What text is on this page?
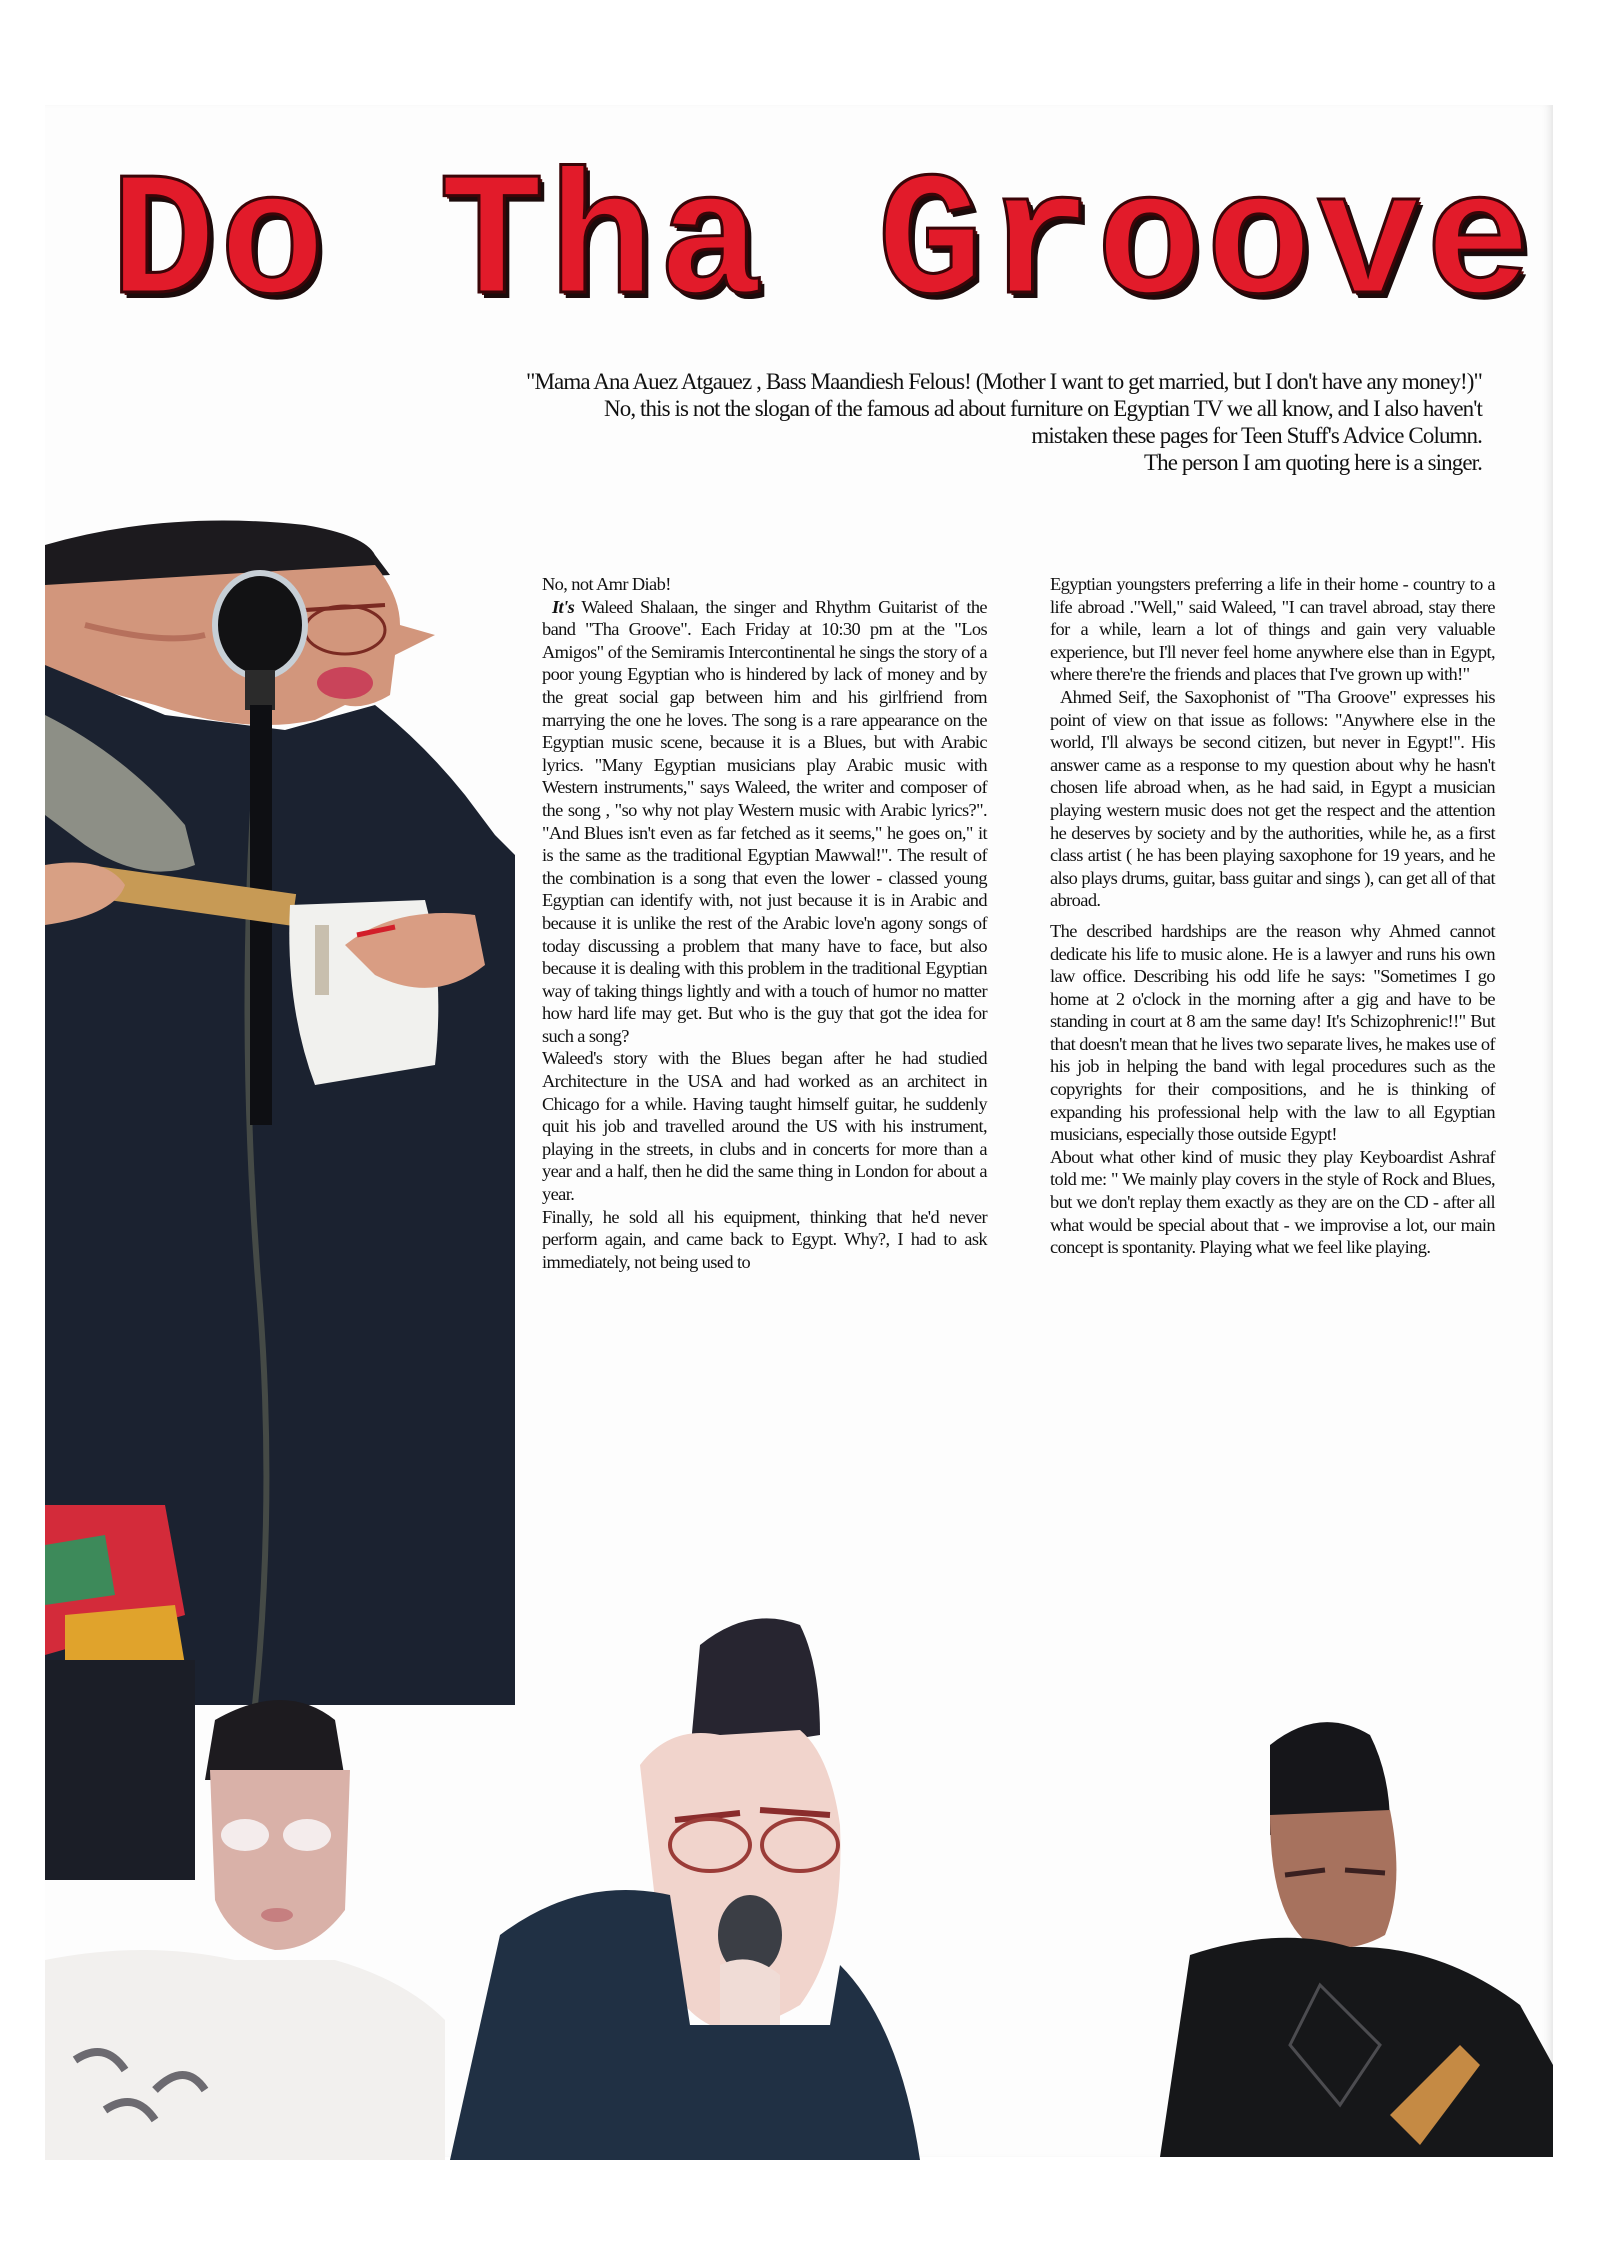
Do Tha Groove

"Mama Ana Auez Atgauez , Bass Maandiesh Felous! (Mother I want to get married, but I don't have any money!)"

No, this is not the slogan of the famous ad about furniture on Egyptian TV we all know, and I also haven't

mistaken these pages for Teen Stuff's Advice Column.

The person I am quoting here is a singer.

No, not Amr Diab!

It's Waleed Shalaan, the singer and Rhythm Guitarist of the band "Tha Groove". Each Friday at 10:30 pm at the "Los Amigos" of the Semiramis Intercontinental he sings the story of a poor young Egyptian who is hindered by lack of money and by the great social gap between him and his girlfriend from marrying the one he loves. The song is a rare appearance on the Egyptian music scene, because it is a Blues, but with Arabic lyrics. "Many Egyptian musicians play Arabic music with Western instruments," says Waleed, the writer and composer of the song , "so why not play Western music with Arabic lyrics?". "And Blues isn't even as far fetched as it seems," he goes on," it is the same as the traditional Egyptian Mawwal!". The result of the combination is a song that even the lower - classed young Egyptian can identify with, not just because it is in Arabic and because it is unlike the rest of the Arabic love'n agony songs of today discussing a problem that many have to face, but also because it is dealing with this problem in the traditional Egyptian way of taking things lightly and with a touch of humor no matter how hard life may get. But who is the guy that got the idea for such a song?

Waleed's story with the Blues began after he had studied Architecture in the USA and had worked as an architect in Chicago for a while. Having taught himself guitar, he suddenly quit his job and travelled around the US with his instrument, playing in the streets, in clubs and in concerts for more than a year and a half, then he did the same thing in London for about a year.

Finally, he sold all his equipment, thinking that he'd never perform again, and came back to Egypt. Why?, I had to ask immediately, not being used to

Egyptian youngsters preferring a life in their home - country to a life abroad ."Well," said Waleed, "I can travel abroad, stay there for a while, learn a lot of things and gain very valuable experience, but I'll never feel home anywhere else than in Egypt, where there're the friends and places that I've grown up with!"

Ahmed Seif, the Saxophonist of "Tha Groove" expresses his point of view on that issue as follows: "Anywhere else in the world, I'll always be second citizen, but never in Egypt!". His answer came as a response to my question about why he hasn't chosen life abroad when, as he had said, in Egypt a musician playing western music does not get the respect and the attention he deserves by society and by the authorities, while he, as a first class artist ( he has been playing saxophone for 19 years, and he also plays drums, guitar, bass guitar and sings ), can get all of that abroad.

The described hardships are the reason why Ahmed cannot dedicate his life to music alone. He is a lawyer and runs his own law office. Describing his odd life he says: "Sometimes I go home at 2 o'clock in the morning after a gig and have to be standing in court at 8 am the same day! It's Schizophrenic!!" But that doesn't mean that he lives two separate lives, he makes use of his job in helping the band with legal procedures such as the copyrights for their compositions, and he is thinking of expanding his professional help with the law to all Egyptian musicians, especially those outside Egypt!

About what other kind of music they play Keyboardist Ashraf told me: " We mainly play covers in the style of Rock and Blues, but we don't replay them exactly as they are on the CD - after all what would be special about that - we improvise a lot, our main concept is spontanity. Playing what we feel like playing.
